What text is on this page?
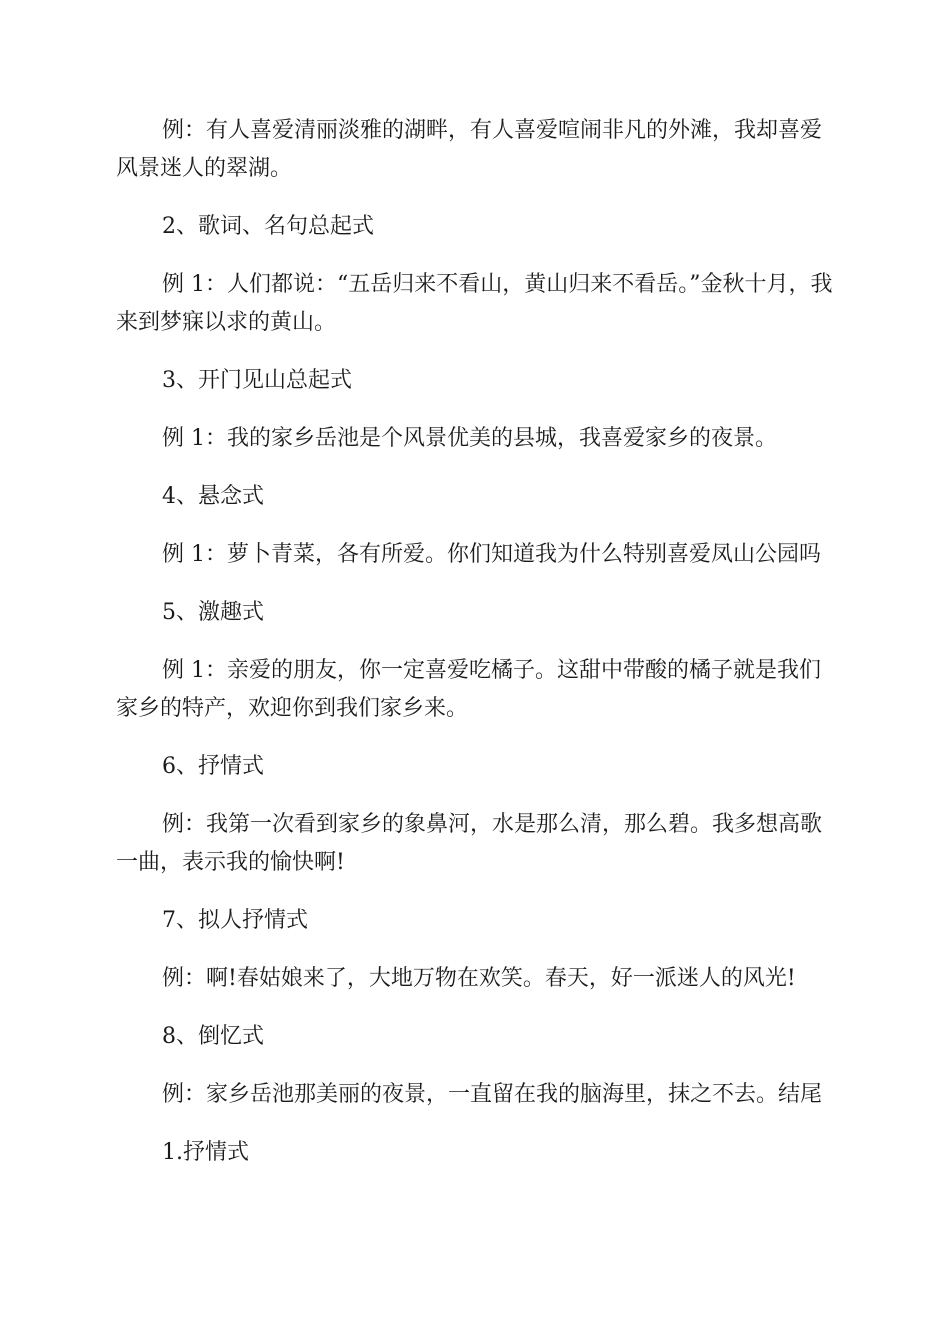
例：有人喜爱清丽淡雅的湖畔，有人喜爱喧闹非凡的外滩，我却喜爱风景迷人的翠湖。

2、歌词、名句总起式

例 1：人们都说：“五岳归来不看山，黄山归来不看岳。”金秋十月，我来到梦寐以求的黄山。

3、开门见山总起式

例 1：我的家乡岳池是个风景优美的县城，我喜爱家乡的夜景。

4、悬念式

例 1：萝卜青菜，各有所爱。你们知道我为什么特别喜爱凤山公园吗

5、激趣式

例 1：亲爱的朋友，你一定喜爱吃橘子。这甜中带酸的橘子就是我们家乡的特产，欢迎你到我们家乡来。

6、抒情式

例：我第一次看到家乡的象鼻河，水是那么清，那么碧。我多想高歌一曲，表示我的愉快啊!

7、拟人抒情式

例：啊!春姑娘来了，大地万物在欢笑。春天，好一派迷人的风光!

8、倒忆式

例：家乡岳池那美丽的夜景，一直留在我的脑海里，抹之不去。结尾

1.抒情式
